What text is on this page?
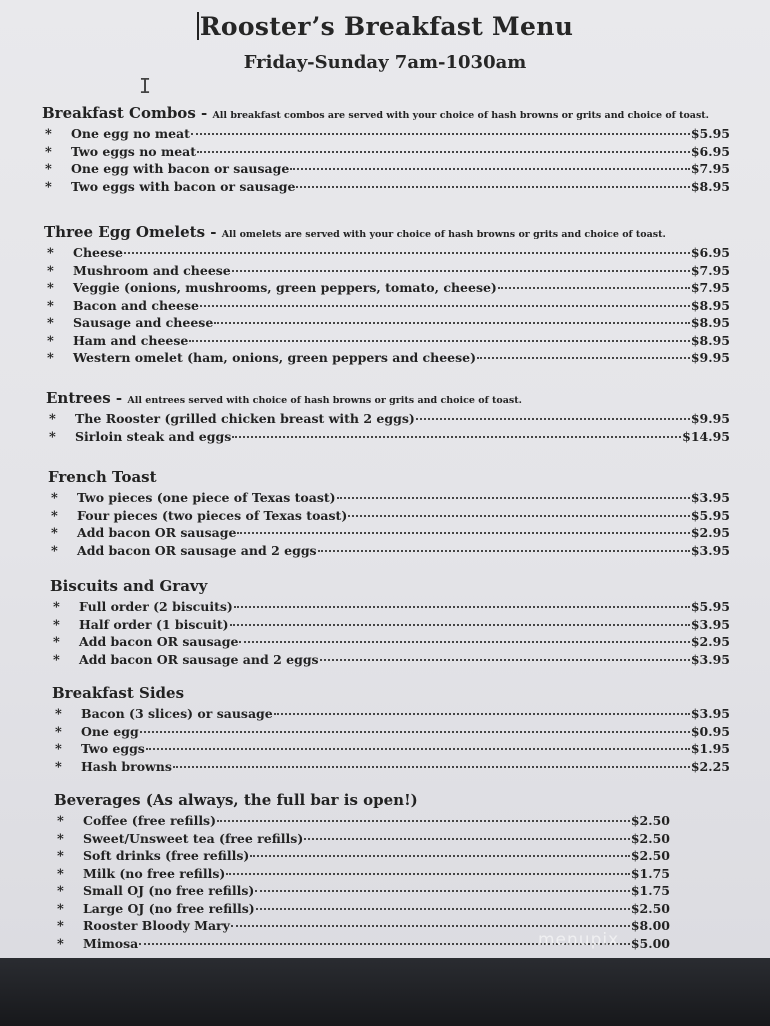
Rooster’s Breakfast Menu
Friday-Sunday 7am-1030am
I
Breakfast Combos - All breakfast combos are served with your choice of hash browns or grits and choice of toast.
*	One egg no meat	$5.95
*	Two eggs no meat	$6.95
*	One egg with bacon or sausage	$7.95
*	Two eggs with bacon or sausage	$8.95
Three Egg Omelets - All omelets are served with your choice of hash browns or grits and choice of toast.
*	Cheese	$6.95
*	Mushroom and cheese	$7.95
*	Veggie (onions, mushrooms, green peppers, tomato, cheese)	$7.95
*	Bacon and cheese	$8.95
*	Sausage and cheese	$8.95
*	Ham and cheese	$8.95
*	Western omelet (ham, onions, green peppers and cheese)	$9.95
Entrees - All entrees served with choice of hash browns or grits and choice of toast.
*	The Rooster (grilled chicken breast with 2 eggs)	$9.95
*	Sirloin steak and eggs	$14.95
French Toast
*	Two pieces (one piece of Texas toast)	$3.95
*	Four pieces (two pieces of Texas toast)	$5.95
*	Add bacon OR sausage	$2.95
*	Add bacon OR sausage and 2 eggs	$3.95
Biscuits and Gravy
*	Full order (2 biscuits)	$5.95
*	Half order (1 biscuit)	$3.95
*	Add bacon OR sausage	$2.95
*	Add bacon OR sausage and 2 eggs	$3.95
Breakfast Sides
*	Bacon (3 slices) or sausage	$3.95
*	One egg	$0.95
*	Two eggs	$1.95
*	Hash browns	$2.25
Beverages (As always, the full bar is open!)
*	Coffee (free refills)	$2.50
*	Sweet/Unsweet tea (free refills)	$2.50
*	Soft drinks (free refills)	$2.50
*	Milk (no free refills)	$1.75
*	Small OJ (no free refills)	$1.75
*	Large OJ (no free refills)	$2.50
*	Rooster Bloody Mary	$8.00
*	Mimosa	$5.00
menupix
